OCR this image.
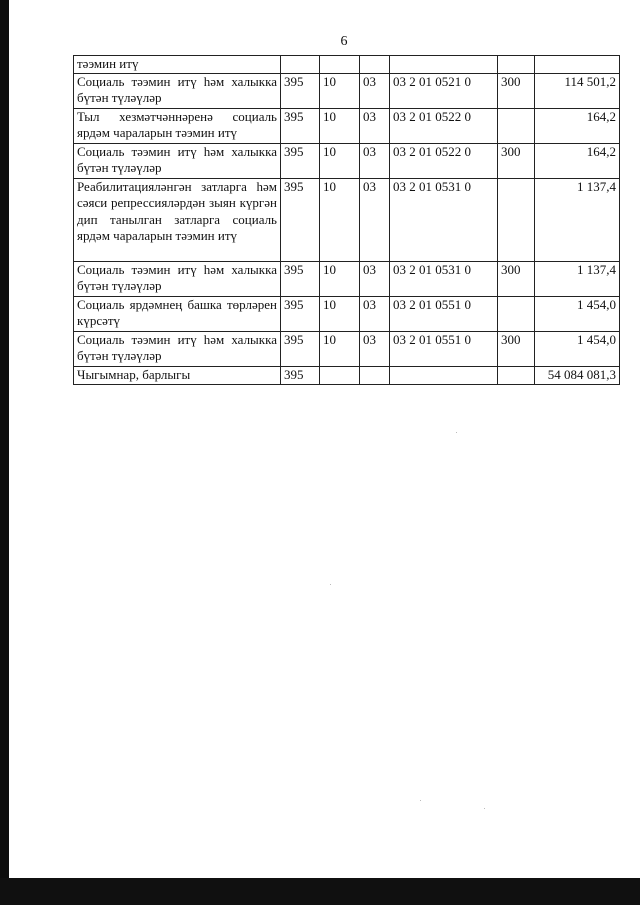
6
тәэмин итү						
Социаль тәэмин итү һәм халыкка бүтән түләүләр	395	10	03	03 2 01 0521 0	300	114 501,2
Тыл хезмәтчәннәренә социаль ярдәм чараларын тәэмин итү	395	10	03	03 2 01 0522 0		164,2
Социаль тәэмин итү һәм халыкка бүтән түләүләр	395	10	03	03 2 01 0522 0	300	164,2
Реабилитацияләнгән затларга һәм сәяси репрессияләрдән зыян күргән дип танылган затларга социаль ярдәм чараларын тәэмин итү	395	10	03	03 2 01 0531 0		1 137,4
Социаль тәэмин итү һәм халыкка бүтән түләүләр	395	10	03	03 2 01 0531 0	300	1 137,4
Социаль ярдәмнең башка төрләрен күрсәтү	395	10	03	03 2 01 0551 0		1 454,0
Социаль тәэмин итү һәм халыкка бүтән түләүләр	395	10	03	03 2 01 0551 0	300	1 454,0
Чыгымнар, барлыгы	395					54 084 081,3
